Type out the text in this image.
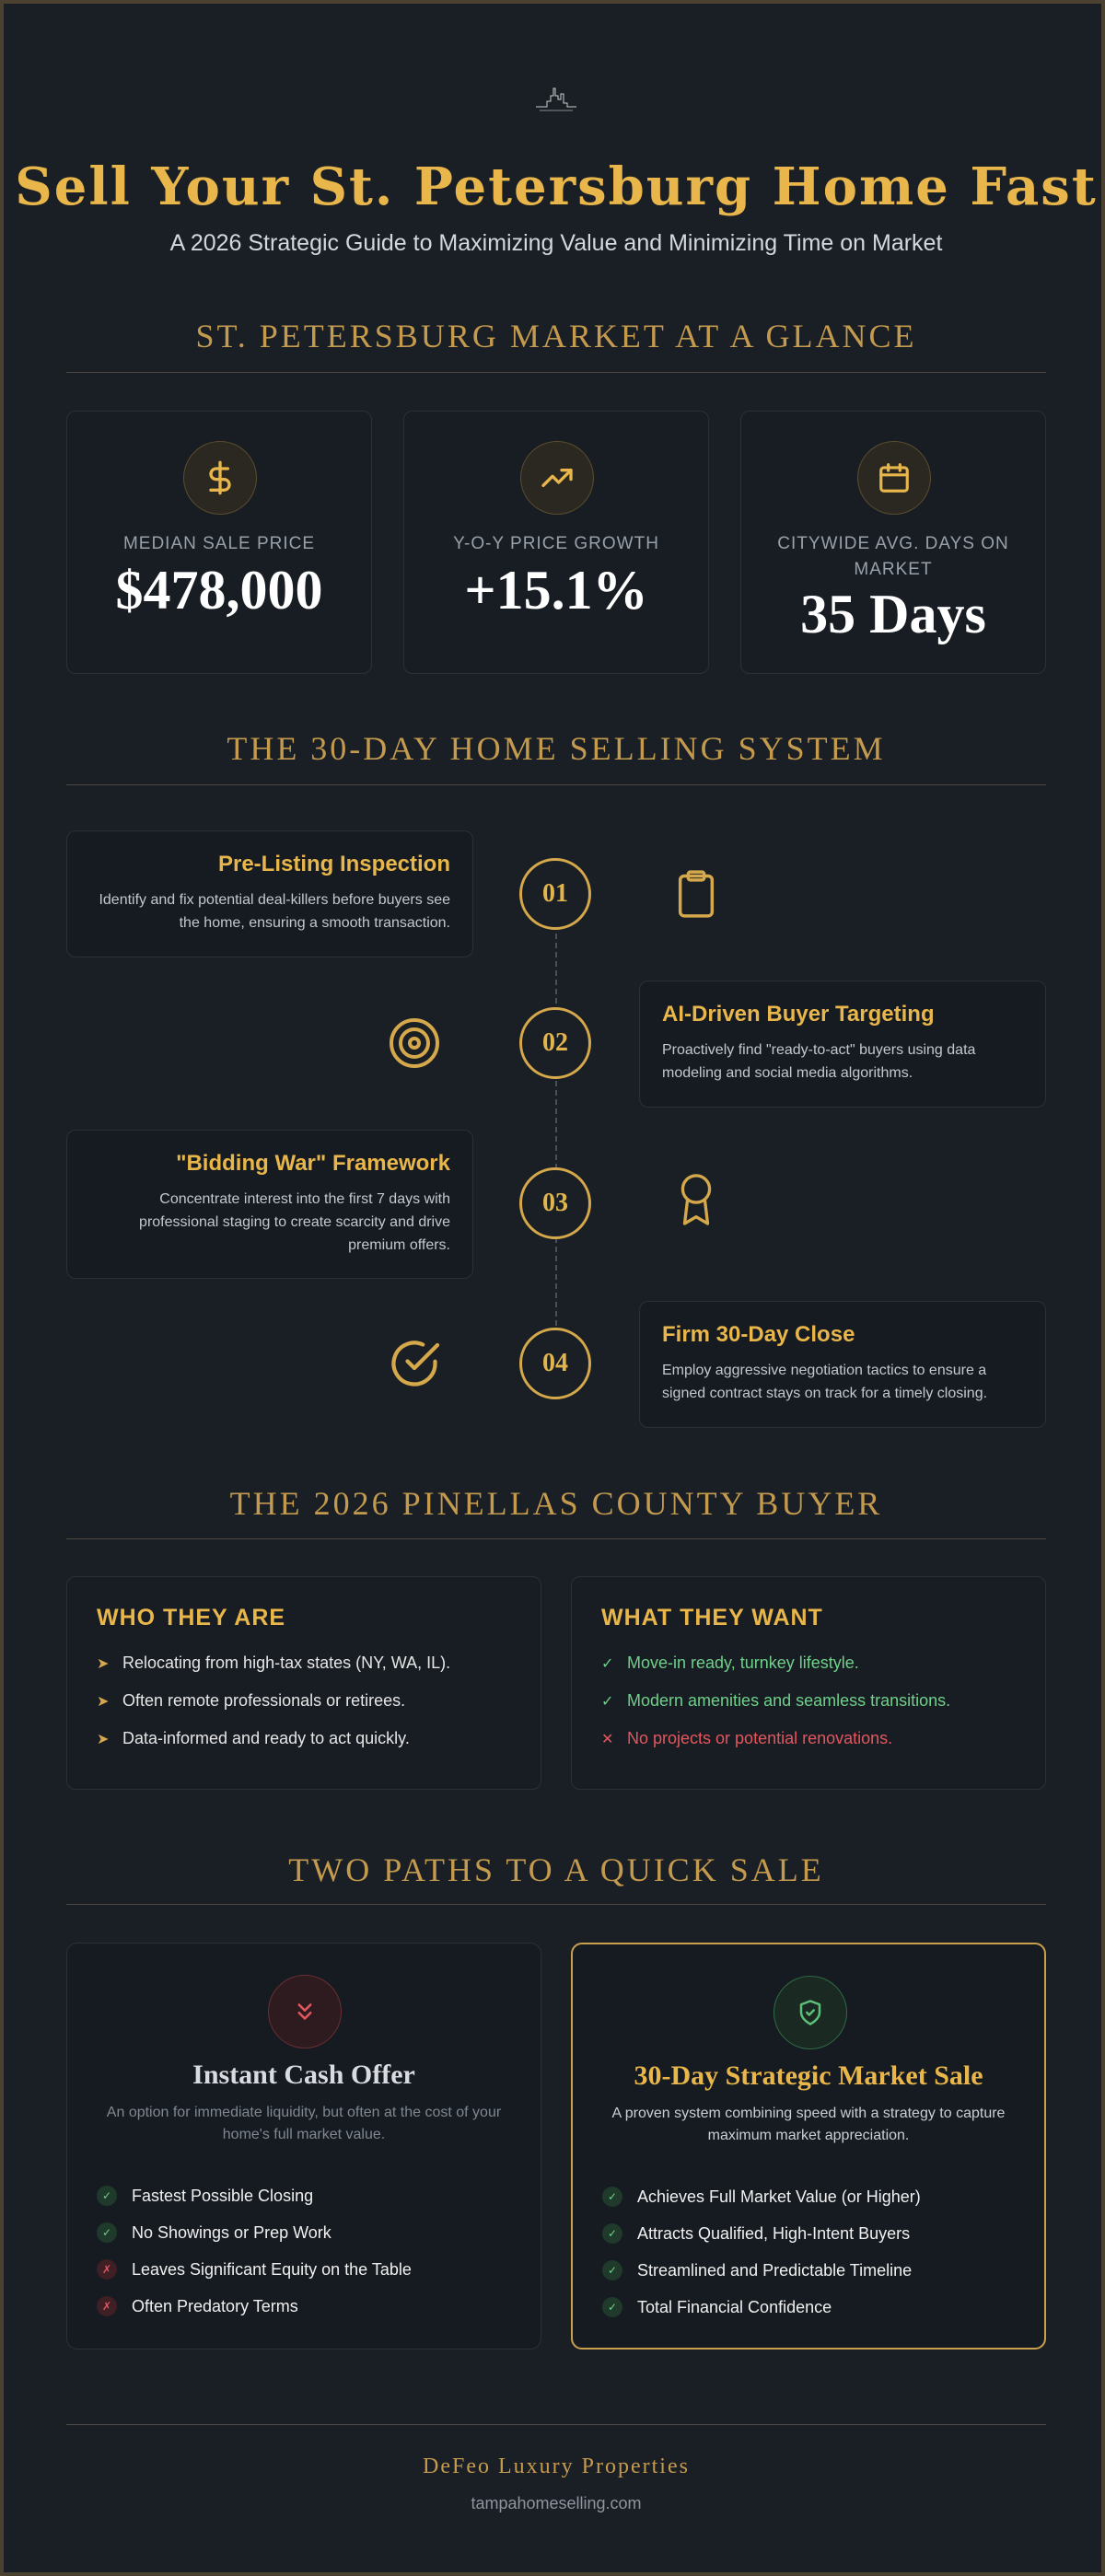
Sell Your St. Petersburg Home Fast
A 2026 Strategic Guide to Maximizing Value and Minimizing Time on Market
ST. PETERSBURG MARKET AT A GLANCE
MEDIAN SALE PRICE
$478,000
Y-O-Y PRICE GROWTH
+15.1%
CITYWIDE AVG. DAYS ON MARKET
35 Days
THE 30-DAY HOME SELLING SYSTEM
Pre-Listing Inspection
Identify and fix potential deal-killers before buyers see the home, ensuring a smooth transaction.
01
AI-Driven Buyer Targeting
Proactively find "ready-to-act" buyers using data modeling and social media algorithms.
02
"Bidding War" Framework
Concentrate interest into the first 7 days with professional staging to create scarcity and drive premium offers.
03
Firm 30-Day Close
Employ aggressive negotiation tactics to ensure a signed contract stays on track for a timely closing.
04
THE 2026 PINELLAS COUNTY BUYER
WHO THEY ARE
➤ Relocating from high-tax states (NY, WA, IL).
➤ Often remote professionals or retirees.
➤ Data-informed and ready to act quickly.
WHAT THEY WANT
✓ Move-in ready, turnkey lifestyle.
✓ Modern amenities and seamless transitions.
✕ No projects or potential renovations.
TWO PATHS TO A QUICK SALE
Instant Cash Offer
An option for immediate liquidity, but often at the cost of your home's full market value.
✓	Fastest Possible Closing
✓	No Showings or Prep Work
✗	Leaves Significant Equity on the Table
✗	Often Predatory Terms
30-Day Strategic Market Sale
A proven system combining speed with a strategy to capture maximum market appreciation.
✓	Achieves Full Market Value (or Higher)
✓	Attracts Qualified, High-Intent Buyers
✓	Streamlined and Predictable Timeline
✓	Total Financial Confidence
DeFeo Luxury Properties
tampahomeselling.com
